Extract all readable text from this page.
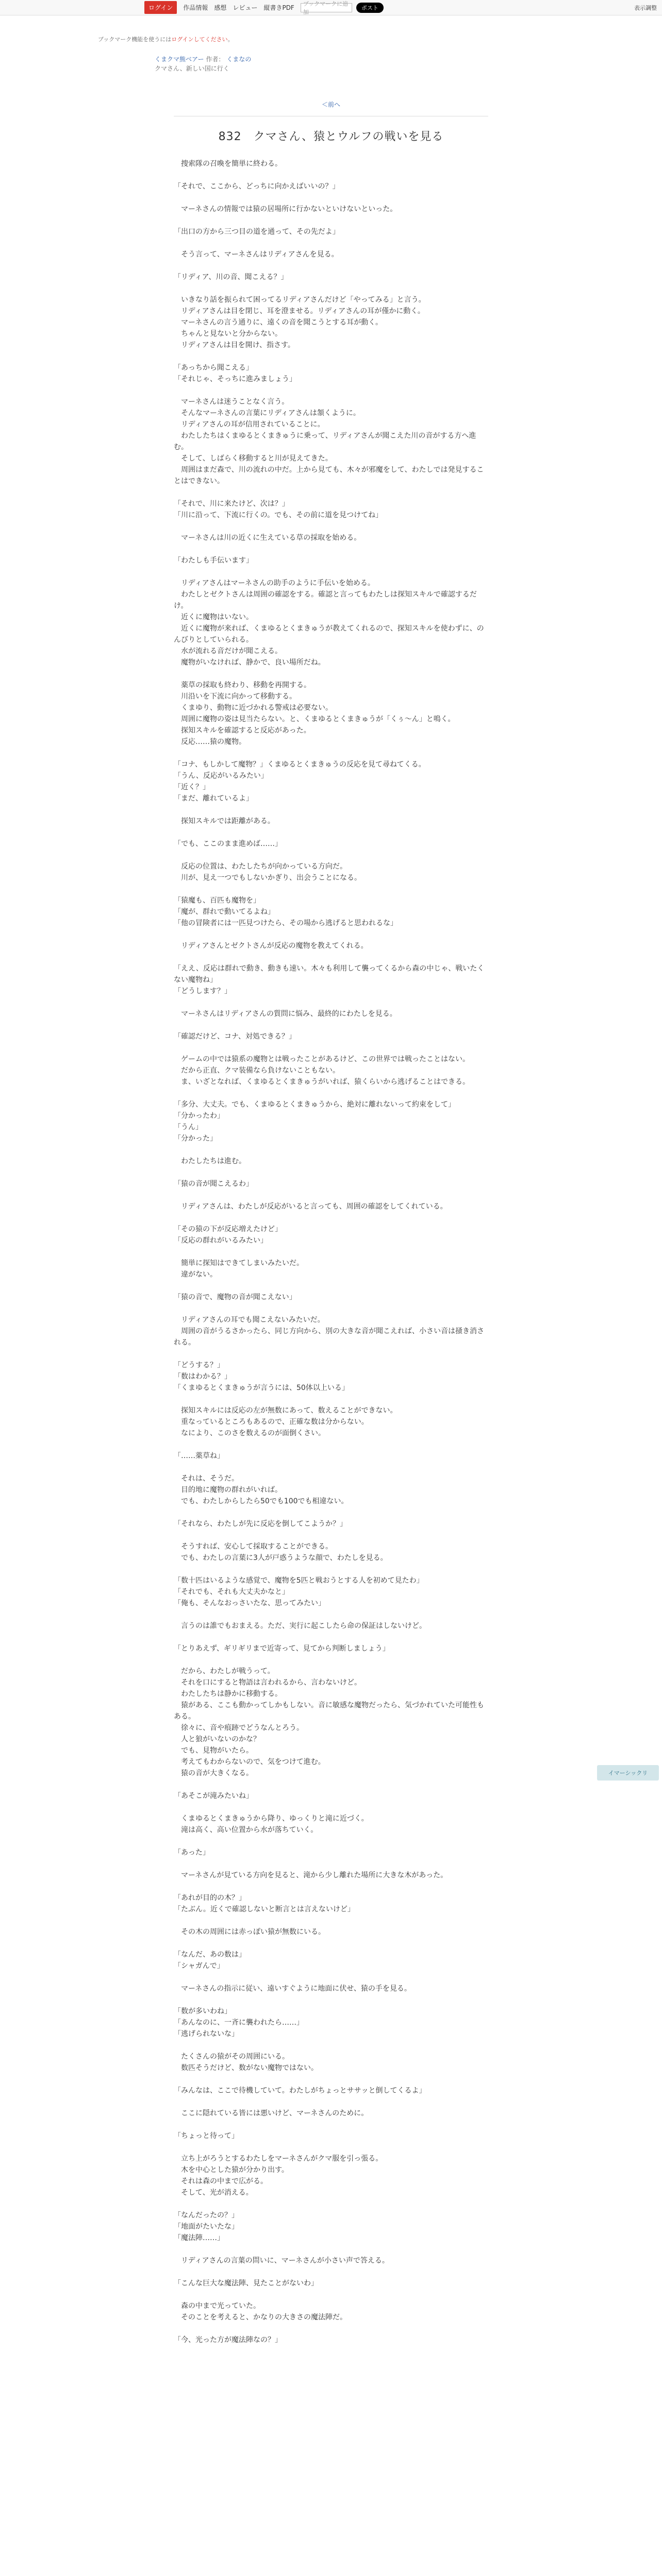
ログイン	作品情報 感想 レビュー 縦書きPDF
ブックマークに追加
ポスト	表示調整
ブックマーク機能を使うにはログインしてください。
くまクマ熊ベアー 作者： くまなの
クマさん、新しい国に行く
＜前へ
832　クマさん、猿とウルフの戦いを見る

　捜索隊の召喚を簡単に終わる。

「それで、ここから、どっちに向かえばいいの？」

　マーネさんの情報では猿の居場所に行かないといけないといった。

「出口の方から三つ目の道を通って、その先だよ」

　そう言って、マーネさんはリディアさんを見る。

「リディア、川の音、聞こえる？」

　いきなり話を振られて困ってるリディアさんだけど「やってみる」と言う。

　リディアさんは目を閉じ、耳を澄ませる。リディアさんの耳が僅かに動く。

　マーネさんの言う通りに、遠くの音を聞こうとする耳が動く。

　ちゃんと見ないと分からない。

　リディアさんは目を開け、指さす。

「あっちから聞こえる」

「それじゃ、そっちに進みましょう」

　マーネさんは迷うことなく言う。

　そんなマーネさんの言葉にリディアさんは頷くように。

　リディアさんの耳が信用されていることに。

　わたしたちはくまゆるとくまきゅうに乗って、リディアさんが聞こえた川の音がする方へ進む。

　そして、しばらく移動すると川が見えてきた。

　周囲はまだ森で、川の流れの中だ。上から見ても、木々が邪魔をして、わたしでは発見することはできない。

「それで、川に来たけど、次は？」

「川に沿って、下流に行くの。でも、その前に道を見つけてね」

　マーネさんは川の近くに生えている草の採取を始める。

「わたしも手伝います」

　リディアさんはマーネさんの助手のように手伝いを始める。

　わたしとゼクトさんは周囲の確認をする。確認と言ってもわたしは探知スキルで確認するだけ。

　近くに魔物はいない。

　近くに魔物が来れば、くまゆるとくまきゅうが教えてくれるので、探知スキルを使わずに、のんびりとしていられる。

　水が流れる音だけが聞こえる。

　魔物がいなければ、静かで、良い場所だね。

　薬草の採取も終わり、移動を再開する。

　川沿いを下流に向かって移動する。

　くまゆり、動物に近づかれる警戒は必要ない。

　周囲に魔物の姿は見当たらない。と、くまゆるとくまきゅうが「くぅ〜ん」と鳴く。

　探知スキルを確認すると反応があった。

　反応……猿の魔物。

「コナ、もしかして魔物？」くまゆるとくまきゅうの反応を見て尋ねてくる。

「うん、反応がいるみたい」

「近く？」

「まだ、離れているよ」

　探知スキルでは距離がある。

「でも、ここのまま進めば……」

　反応の位置は、わたしたちが向かっている方向だ。

　川が、見え一つでもしないかぎり、出会うことになる。

「猿魔も、百匹も魔物を」

「魔が、群れで動いてるよね」

「他の冒険者には一匹見つけたら、その場から逃げると思われるな」

　リディアさんとゼクトさんが反応の魔物を教えてくれる。

「ええ、反応は群れで動き、動きも速い。木々も利用して襲ってくるから森の中じゃ、戦いたくない魔物ね」

「どうします？」

　マーネさんはリディアさんの質問に悩み、最終的にわたしを見る。

「確認だけど、コナ、対処できる？」

　ゲームの中では猿系の魔物とは戦ったことがあるけど、この世界では戦ったことはない。

　だから正直、クマ装備なら負けないこともない。

　ま、いざとなれば、くまゆるとくまきゅうがいれば、猿くらいから逃げることはできる。

「多分、大丈夫。でも、くまゆるとくまきゅうから、絶対に離れないって約束をして」

「分かったわ」

「うん」

「分かった」

　わたしたちは進む。

「猿の音が聞こえるわ」

　リディアさんは、わたしが反応がいると言っても、周囲の確認をしてくれている。

「その猿の下が反応増えたけど」

「反応の群れがいるみたい」

　簡単に探知はできてしまいみたいだ。

　違がない。

「猿の音で、魔物の音が聞こえない」

　リディアさんの耳でも聞こえないみたいだ。

　周囲の音がうるさかったら、同じ方向から、別の大きな音が聞こえれば、小さい音は掻き消される。

「どうする？」

「数はわかる？」

「くまゆるとくまきゅうが言うには、50体以上いる」

　探知スキルには反応の左が無数にあって、数えることができない。

　重なっているところもあるので、正確な数は分からない。

　なにより、このさを数えるのが面倒くさい。

「……薬草ね」

　それは、そうだ。

　目的地に魔物の群れがいれば。

　でも、わたしからしたら50でも100でも相違ない。

「それなら、わたしが先に反応を倒してこようか？」

　そうすれば、安心して採取することができる。

　でも、わたしの言葉に3人が戸惑うような顔で、わたしを見る。

「数十匹はいるような感覚で、魔物を5匹と戦おうとする人を初めて見たわ」

「それでも、それも大丈夫かなと」

「俺も、そんなおっさいたな、思ってみたい」

　言うのは誰でもおまえる。ただ、実行に起こしたら命の保証はしないけど。

「とりあえず、ギリギリまで近寄って、見てから判断しましょう」

　だから、わたしが戦うって。

　それを口にすると物語は言われるから、言わないけど。

　わたしたちは静かに移動する。

　猿がある、ここも動かってしかもしない。音に敏感な魔物だったら、気づかれていた可能性もある。

　徐々に、音や痕跡でどうなんとろう。

　人と狼がいないのかな？

　でも、見物がいたら。

　考えてもわからないので、気をつけて進む。

　猿の音が大きくなる。

「あそこが滝みたいね」

　くまゆるとくまきゅうから降り、ゆっくりと滝に近づく。

　滝は高く、高い位置から水が落ちていく。

「あった」

　マーネさんが見ている方向を見ると、滝から少し離れた場所に大きな木があった。

「あれが目的の木？」

「たぶん。近くで確認しないと断言とは言えないけど」

　その木の周囲には赤っぽい猿が無数にいる。

「なんだ、あの数は」

「シャガんで」

　マーネさんの指示に従い、遠いすぐように地面に伏せ、猿の手を見る。

「数が多いわね」

「あんなのに、一斉に襲われたら……」

「逃げられないな」

　たくさんの猿がその周囲にいる。

　数匹そうだけど、数がない魔物ではない。

「みんなは、ここで待機していて。わたしがちょっとササッと倒してくるよ」

　ここに隠れている皆には悪いけど、マーネさんのために。

「ちょっと待って」

　立ち上がろうとするわたしをマーネさんがクマ服を引っ張る。

　木を中心とした猿が分かり出す。

　それは森の中まで広がる。

　そして、光が消える。

「なんだったの？」

「地面がたいたな」

「魔法陣……」

　リディアさんの言葉の問いに、マーネさんが小さい声で答える。

「こんな巨大な魔法陣、見たことがないわ」

　森の中まで光っていた。

　そのことを考えると、かなりの大きさの魔法陣だ。

「今、光った方が魔法陣なの？」

イマーシックリ
